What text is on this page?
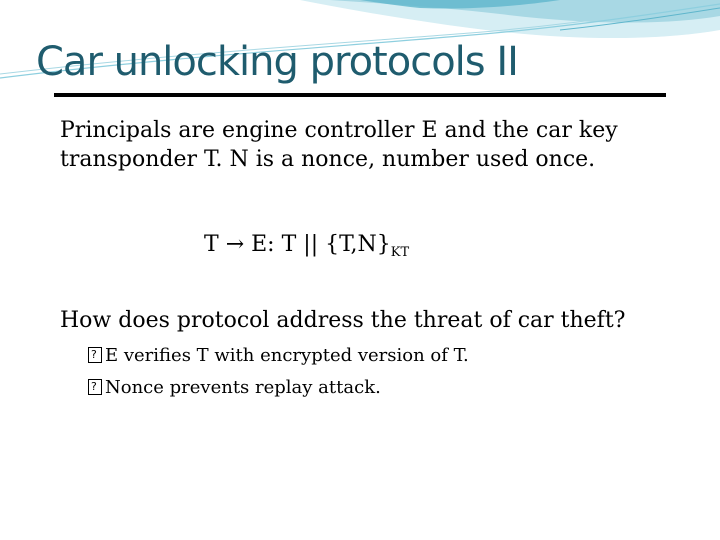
Car unlocking protocols II

Principals are engine controller E and the car key transponder T. N is a nonce, number used once.

T → E: T || $\{T,N\}_{KT}$

How does protocol address the threat of car theft?

?E verifies T with encrypted version of T.
?Nonce prevents replay attack.
